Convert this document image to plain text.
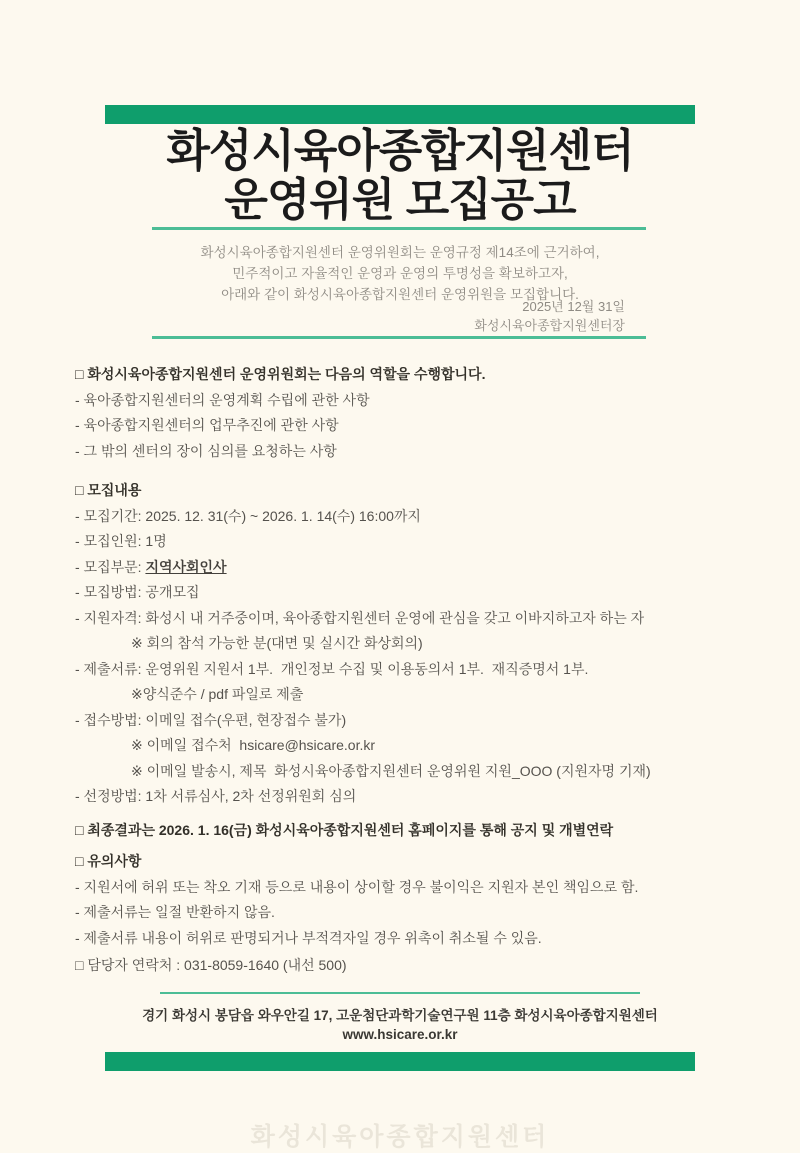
화성시육아종합지원센터
운영위원 모집공고
화성시육아종합지원센터 운영위원회는 운영규정 제14조에 근거하여,
민주적이고 자율적인 운영과 운영의 투명성을 확보하고자,
아래와 같이 화성시육아종합지원센터 운영위원을 모집합니다.
2025년 12월 31일
화성시육아종합지원센터장
□ 화성시육아종합지원센터 운영위원회는 다음의 역할을 수행합니다.
- 육아종합지원센터의 운영계획 수립에 관한 사항
- 육아종합지원센터의 업무추진에 관한 사항
- 그 밖의 센터의 장이 심의를 요청하는 사항
□ 모집내용
- 모집기간: 2025. 12. 31(수) ~ 2026. 1. 14(수) 16:00까지
- 모집인원: 1명
- 모집부문: 지역사회인사
- 모집방법: 공개모집
- 지원자격: 화성시 내 거주중이며, 육아종합지원센터 운영에 관심을 갖고 이바지하고자 하는 자
※ 회의 참석 가능한 분(대면 및 실시간 화상회의)
- 제출서류: 운영위원 지원서 1부.  개인정보 수집 및 이용동의서 1부.  재직증명서 1부.
※양식준수 / pdf 파일로 제출
- 접수방법: 이메일 접수(우편, 현장접수 불가)
※ 이메일 접수처  hsicare@hsicare.or.kr
※ 이메일 발송시, 제목  화성시육아종합지원센터 운영위원 지원_OOO (지원자명 기재)
- 선정방법: 1차 서류심사, 2차 선정위원회 심의
□ 최종결과는 2026. 1. 16(금) 화성시육아종합지원센터 홈페이지를 통해 공지 및 개별연락
□ 유의사항
- 지원서에 허위 또는 착오 기재 등으로 내용이 상이할 경우 불이익은 지원자 본인 책임으로 함.
- 제출서류는 일절 반환하지 않음.
- 제출서류 내용이 허위로 판명되거나 부적격자일 경우 위촉이 취소될 수 있음.
□ 담당자 연락처 : 031-8059-1640 (내선 500)
경기 화성시 봉담읍 와우안길 17, 고운첨단과학기술연구원 11층 화성시육아종합지원센터
www.hsicare.or.kr
화성시육아종합지원센터
